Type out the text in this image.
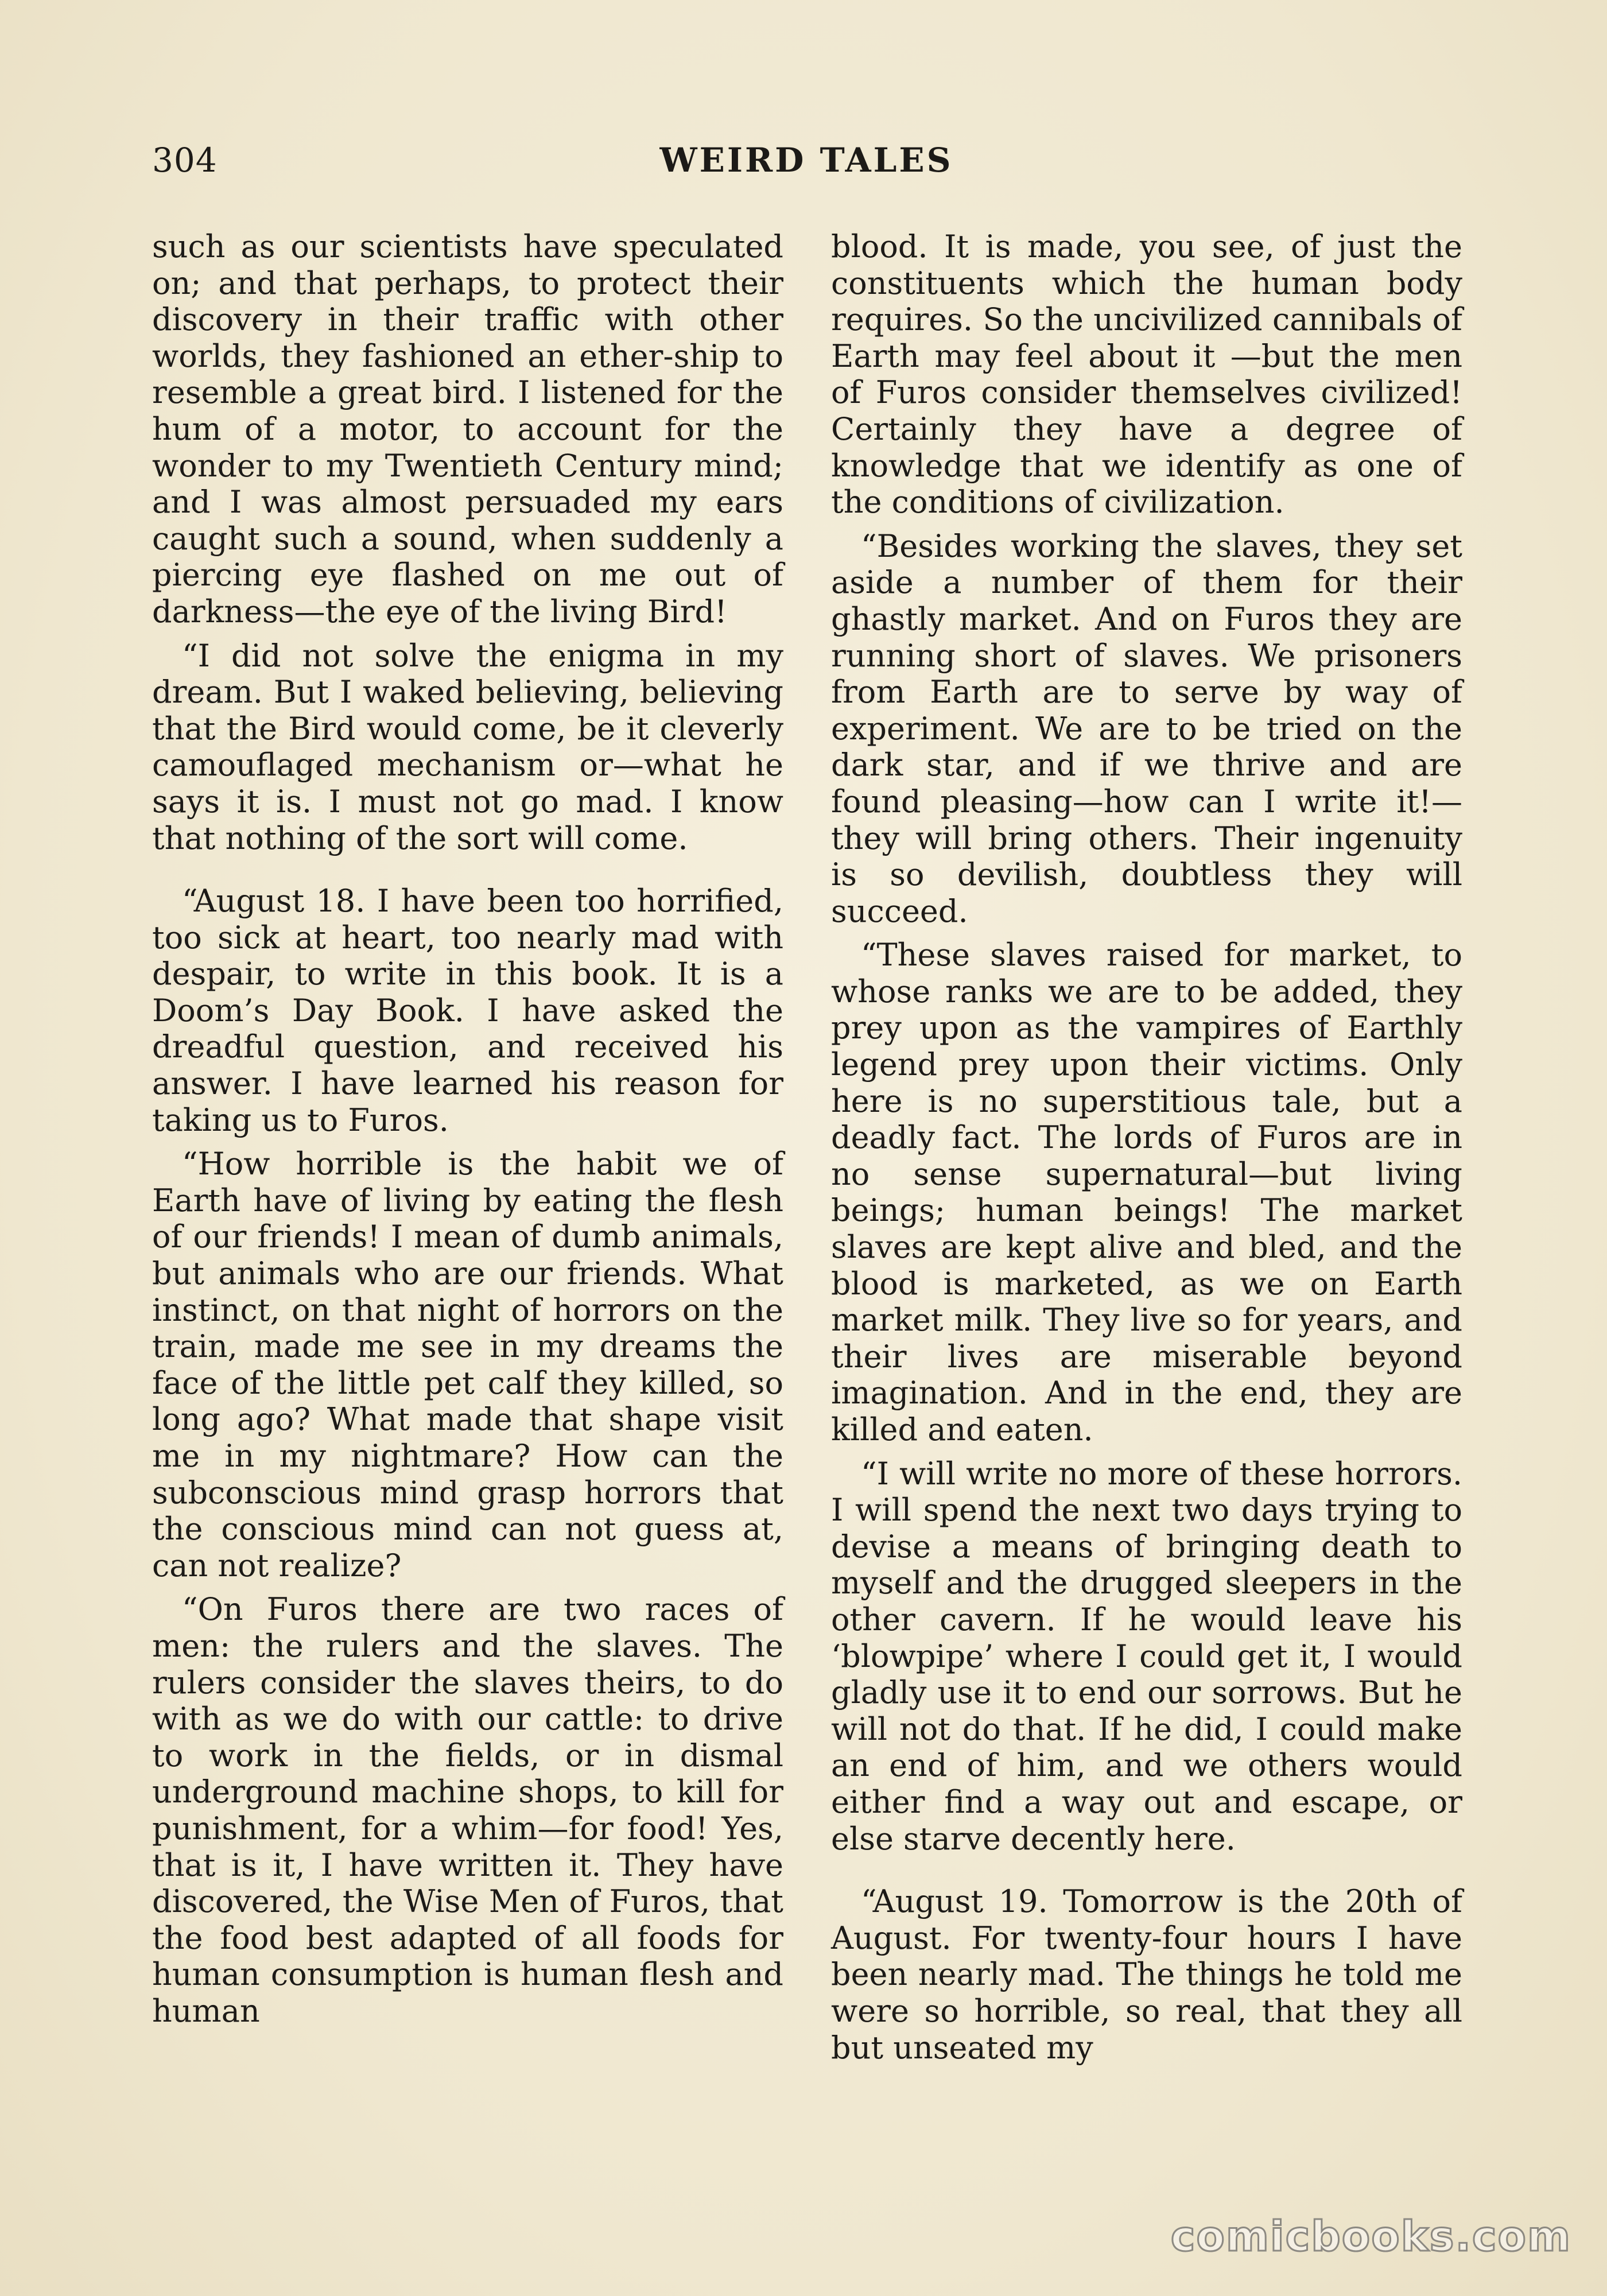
304	WEIRD TALES

such as our scientists have speculated on; and that perhaps, to protect their discovery in their traffic with other worlds, they fashioned an ether-ship to resemble a great bird. I listened for the hum of a motor, to account for the wonder to my Twentieth Century mind; and I was almost persuaded my ears caught such a sound, when suddenly a piercing eye flashed on me out of darkness—the eye of the living Bird!

“I did not solve the enigma in my dream. But I waked believing, believing that the Bird would come, be it cleverly camouflaged mechanism or—what he says it is. I must not go mad. I know that nothing of the sort will come.

“August 18. I have been too horrified, too sick at heart, too nearly mad with despair, to write in this book. It is a Doom’s Day Book. I have asked the dreadful question, and received his answer. I have learned his reason for taking us to Furos.

“How horrible is the habit we of Earth have of living by eating the flesh of our friends! I mean of dumb animals, but animals who are our friends. What instinct, on that night of horrors on the train, made me see in my dreams the face of the little pet calf they killed, so long ago? What made that shape visit me in my nightmare? How can the subconscious mind grasp horrors that the conscious mind can not guess at, can not realize?

“On Furos there are two races of men: the rulers and the slaves. The rulers consider the slaves theirs, to do with as we do with our cattle: to drive to work in the fields, or in dismal underground machine shops, to kill for punishment, for a whim—for food! Yes, that is it, I have written it. They have discovered, the Wise Men of Furos, that the food best adapted of all foods for human consumption is human flesh and human

blood. It is made, you see, of just the constituents which the human body requires. So the uncivilized cannibals of Earth may feel about it —but the men of Furos consider themselves civilized! Certainly they have a degree of knowledge that we identify as one of the conditions of civilization.

“Besides working the slaves, they set aside a number of them for their ghastly market. And on Furos they are running short of slaves. We prisoners from Earth are to serve by way of experiment. We are to be tried on the dark star, and if we thrive and are found pleasing—how can I write it!—they will bring others. Their ingenuity is so devilish, doubtless they will succeed.

“These slaves raised for market, to whose ranks we are to be added, they prey upon as the vampires of Earthly legend prey upon their victims. Only here is no superstitious tale, but a deadly fact. The lords of Furos are in no sense supernatural—but living beings; human beings! The market slaves are kept alive and bled, and the blood is marketed, as we on Earth market milk. They live so for years, and their lives are miserable beyond imagination. And in the end, they are killed and eaten.

“I will write no more of these horrors. I will spend the next two days trying to devise a means of bringing death to myself and the drugged sleepers in the other cavern. If he would leave his ‘blowpipe’ where I could get it, I would gladly use it to end our sorrows. But he will not do that. If he did, I could make an end of him, and we others would either find a way out and escape, or else starve decently here.

“August 19. Tomorrow is the 20th of August. For twenty-four hours I have been nearly mad. The things he told me were so horrible, so real, that they all but unseated my

comicbooks.com
